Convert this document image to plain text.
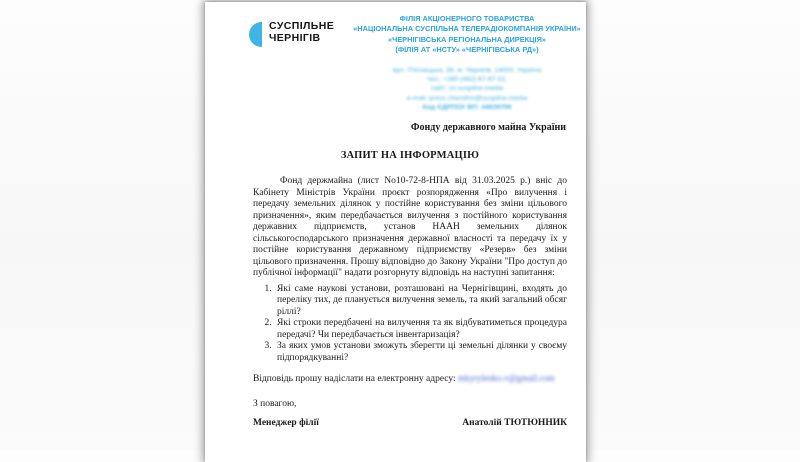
СУСПІЛЬНЕ
ЧЕРНІГІВ
ФІЛІЯ АКЦІОНЕРНОГО ТОВАРИСТВА
«НАЦІОНАЛЬНА СУСПІЛЬНА ТЕЛЕРАДІОКОМПАНІЯ УКРАЇНИ»
«ЧЕРНІГІВСЬКА РЕГІОНАЛЬНА ДИРЕКЦІЯ»
(ФІЛІЯ АТ «НСТУ» «ЧЕРНІГІВСЬКА РД»)
вул. П'ятницька, 38, м. Чернігів, 14000, Україна
тел.: +380 (462) 67-67-02,
сайт: cn.suspilne.media
e-mail: press.chernihiv@suspilne.media
Код ЄДРПОУ ВП: 44839709
Фонду державного майна України
ЗАПИТ НА ІНФОРМАЦІЮ

Фонд держмайна (лист No10-72-8-НПА від 31.03.2025 р.) вніс до Кабінету Міністрів України проєкт розпорядження «Про вилучення і передачу земельних ділянок у постійне користування без зміни цільового призначення», яким передбачається вилучення з постійного користування державних підприємств, установ НААН земельних ділянок сільськогосподарського призначення державної власності та передачу їх у постійне користування державному підприємству «Резерв» без зміни цільового призначення. Прошу відповідно до Закону України "Про доступ до публічної інформації" надати розгорнуту відповідь на наступні запитання:

1. Які саме наукові установи, розташовані на Чернігівщині, входять до переліку тих, де планується вилучення земель, та який загальний обсяг ріллі?
2. Які строки передбачені на вилучення та як відбуватиметься процедура передачі? Чи передбачається інвентаризація?
3. За яких умов установи зможуть зберегти ці земельні ділянки у своєму підпорядкуванні?

Відповідь прошу надіслати на електронну адресу: mkyrylenko.v@gmail.com

З повагою,

Менеджер філії	Анатолій ТЮТЮННИК
